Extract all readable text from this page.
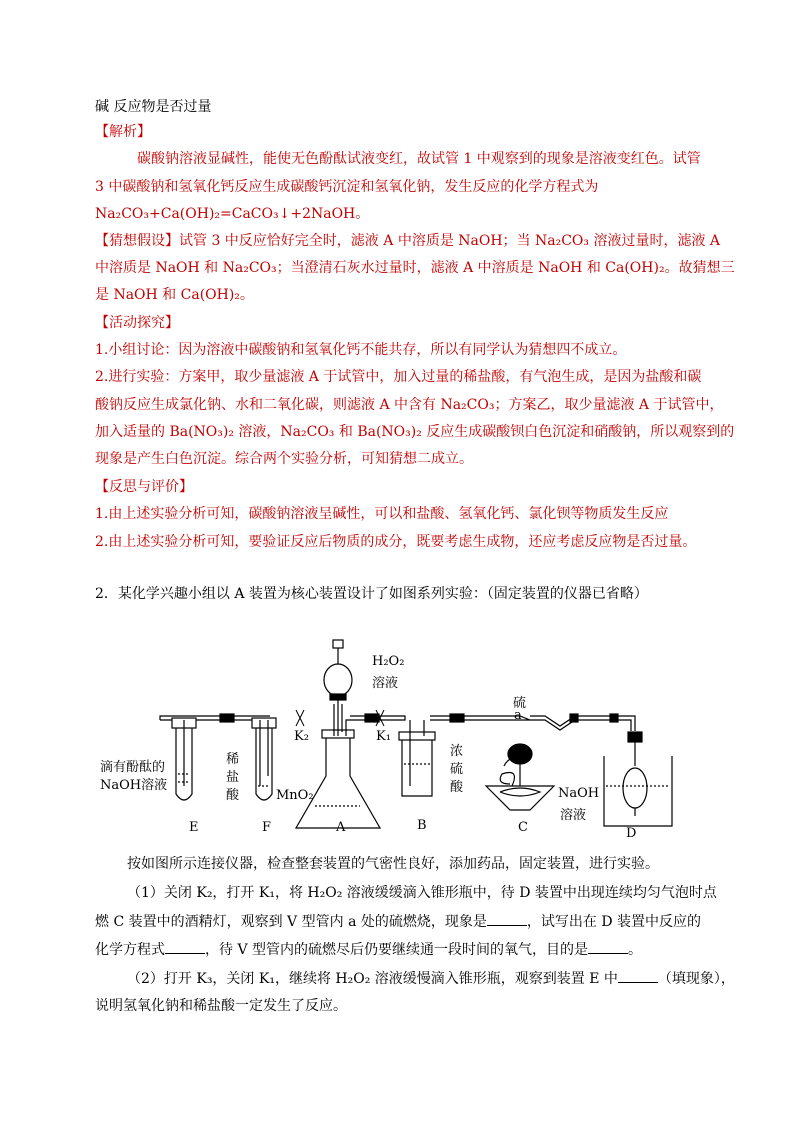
碱 反应物是否过量
【解析】
碳酸钠溶液显碱性，能使无色酚酞试液变红，故试管 1 中观察到的现象是溶液变红色。试管
3 中碳酸钠和氢氧化钙反应生成碳酸钙沉淀和氢氧化钠，发生反应的化学方程式为
Na₂CO₃+Ca(OH)₂=CaCO₃↓+2NaOH。
【猜想假设】试管 3 中反应恰好完全时，滤液 A 中溶质是 NaOH；当 Na₂CO₃ 溶液过量时，滤液 A
中溶质是 NaOH 和 Na₂CO₃；当澄清石灰水过量时，滤液 A 中溶质是 NaOH 和 Ca(OH)₂。故猜想三
是 NaOH 和 Ca(OH)₂。
【活动探究】
1.小组讨论：因为溶液中碳酸钠和氢氧化钙不能共存，所以有同学认为猜想四不成立。
2.进行实验：方案甲，取少量滤液 A 于试管中，加入过量的稀盐酸，有气泡生成，是因为盐酸和碳
酸钠反应生成氯化钠、水和二氧化碳，则滤液 A 中含有 Na₂CO₃；方案乙，取少量滤液 A 于试管中，
加入适量的 Ba(NO₃)₂ 溶液，Na₂CO₃ 和 Ba(NO₃)₂ 反应生成碳酸钡白色沉淀和硝酸钠，所以观察到的
现象是产生白色沉淀。综合两个实验分析，可知猜想二成立。
【反思与评价】
1.由上述实验分析可知，碳酸钠溶液呈碱性，可以和盐酸、氢氧化钙、氯化钡等物质发生反应
2.由上述实验分析可知，要验证反应后物质的成分，既要考虑生成物，还应考虑反应物是否过量。
2．某化学兴趣小组以 A 装置为核心装置设计了如图系列实验：（固定装置的仪器已省略）
H₂O₂
溶液
硫
a
K₂	K₁
滴有酚酞的
NaOH溶液
稀
盐
酸	MnO₂
浓
硫
酸	NaOH
溶液
E	F	A	B	C	D
按如图所示连接仪器，检查整套装置的气密性良好，添加药品，固定装置，进行实验。
（1）关闭 K₂，打开 K₁，将 H₂O₂ 溶液缓缓滴入锥形瓶中，待 D 装置中出现连续均匀气泡时点
燃 C 装置中的酒精灯，观察到 V 型管内 a 处的硫燃烧，现象是	，试写出在 D 装置中反应的
化学方程式	，待 V 型管内的硫燃尽后仍要继续通一段时间的氧气，目的是	。
（2）打开 K₃，关闭 K₁，继续将 H₂O₂ 溶液缓慢滴入锥形瓶，观察到装置 E 中	（填现象），
说明氢氧化钠和稀盐酸一定发生了反应。
